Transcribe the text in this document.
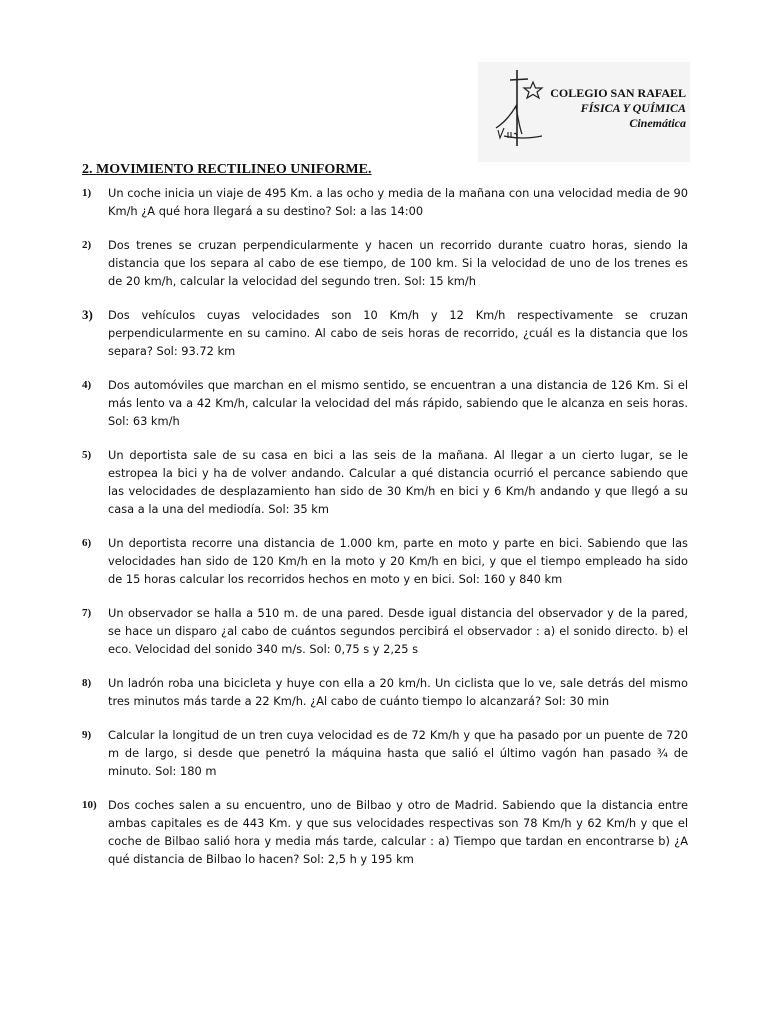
COLEGIO SAN RAFAEL
FÍSICA Y QUÍMICA
Cinemática
2. MOVIMIENTO RECTILINEO UNIFORME.
1) Un coche inicia un viaje de 495 Km. a las ocho y media de la mañana con una velocidad media de 90 Km/h ¿A qué hora llegará a su destino? Sol: a las 14:00
2) Dos trenes se cruzan perpendicularmente y hacen un recorrido durante cuatro horas, siendo la distancia que los separa al cabo de ese tiempo, de 100 km. Si la velocidad de uno de los trenes es de 20 km/h, calcular la velocidad del segundo tren. Sol: 15 km/h
3) Dos vehículos cuyas velocidades son 10 Km/h y 12 Km/h respectivamente se cruzan perpendicularmente en su camino. Al cabo de seis horas de recorrido, ¿cuál es la distancia que los separa? Sol: 93.72 km
4) Dos automóviles que marchan en el mismo sentido, se encuentran a una distancia de 126 Km. Si el más lento va a 42 Km/h, calcular la velocidad del más rápido, sabiendo que le alcanza en seis horas. Sol: 63 km/h
5) Un deportista sale de su casa en bici a las seis de la mañana. Al llegar a un cierto lugar, se le estropea la bici y ha de volver andando. Calcular a qué distancia ocurrió el percance sabiendo que las velocidades de desplazamiento han sido de 30 Km/h en bici y 6 Km/h andando y que llegó a su casa a la una del mediodía. Sol: 35 km
6) Un deportista recorre una distancia de 1.000 km, parte en moto y parte en bici. Sabiendo que las velocidades han sido de 120 Km/h en la moto y 20 Km/h en bici, y que el tiempo empleado ha sido de 15 horas calcular los recorridos hechos en moto y en bici. Sol: 160 y 840 km
7) Un observador se halla a 510 m. de una pared. Desde igual distancia del observador y de la pared, se hace un disparo ¿al cabo de cuántos segundos percibirá el observador : a) el sonido directo. b) el eco. Velocidad del sonido 340 m/s. Sol: 0,75 s y 2,25 s
8) Un ladrón roba una bicicleta y huye con ella a 20 km/h. Un ciclista que lo ve, sale detrás del mismo tres minutos más tarde a 22 Km/h. ¿Al cabo de cuánto tiempo lo alcanzará? Sol: 30 min
9) Calcular la longitud de un tren cuya velocidad es de 72 Km/h y que ha pasado por un puente de 720 m de largo, si desde que penetró la máquina hasta que salió el último vagón han pasado ¾ de minuto. Sol: 180 m
10) Dos coches salen a su encuentro, uno de Bilbao y otro de Madrid. Sabiendo que la distancia entre ambas capitales es de 443 Km. y que sus velocidades respectivas son 78 Km/h y 62 Km/h y que el coche de Bilbao salió hora y media más tarde, calcular : a) Tiempo que tardan en encontrarse b) ¿A qué distancia de Bilbao lo hacen? Sol: 2,5 h y 195 km
